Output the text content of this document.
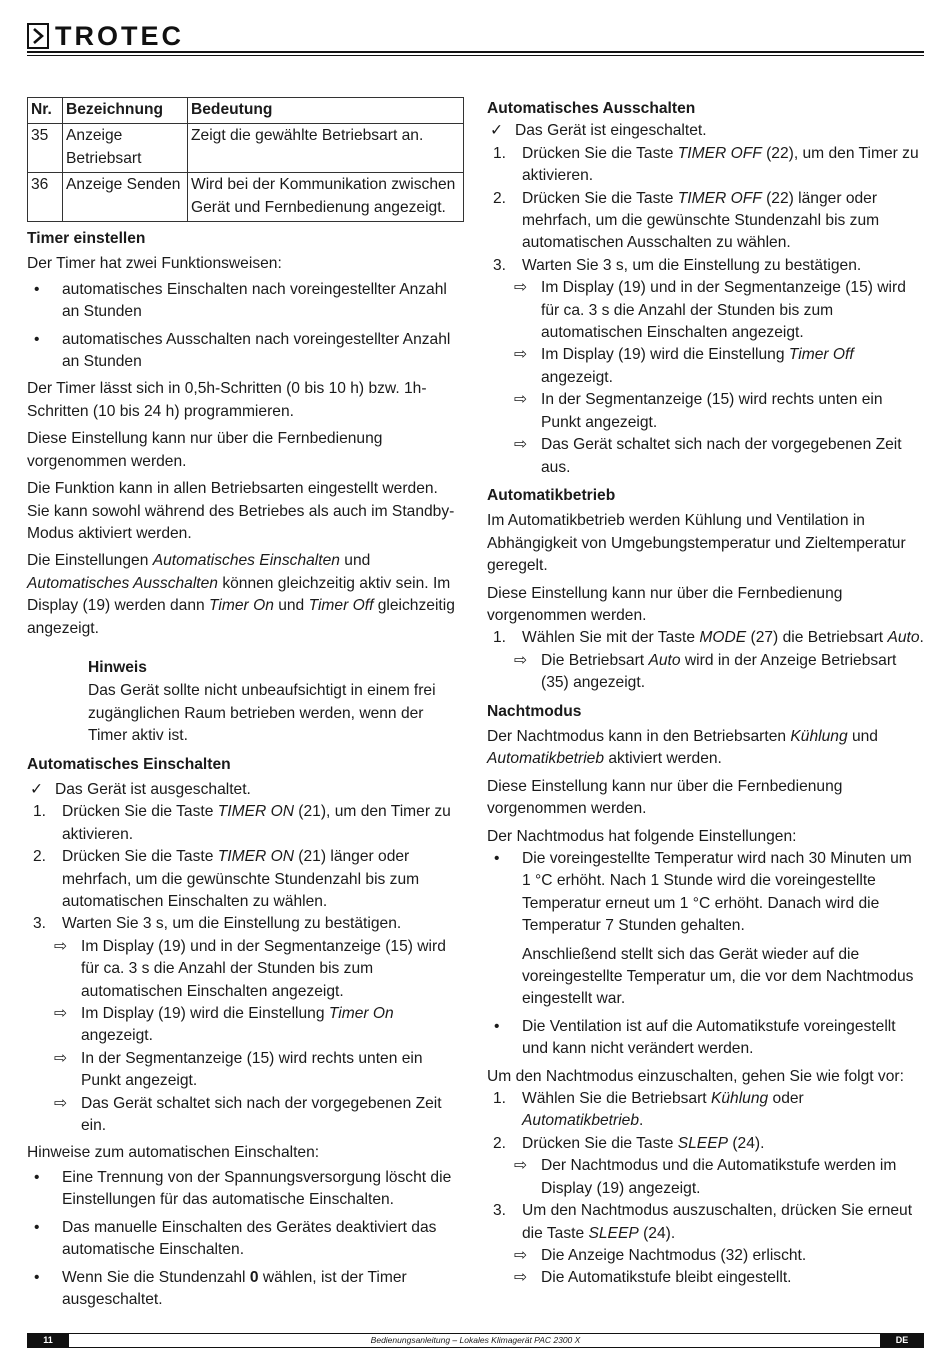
TROTEC
Nr.	Bezeichnung	Bedeutung
35	Anzeige Betriebsart	Zeigt die gewählte Betriebsart an.
36	Anzeige Senden	Wird bei der Kommunikation zwischen Gerät und Fernbedienung angezeigt.
Timer einstellen

Der Timer hat zwei Funktionsweisen:

• automatisches Einschalten nach voreingestellter Anzahl an Stunden
• automatisches Ausschalten nach voreingestellter Anzahl an Stunden

Der Timer lässt sich in 0,5h-Schritten (0 bis 10 h) bzw. 1h-Schritten (10 bis 24 h) programmieren.

Diese Einstellung kann nur über die Fernbedienung vorgenommen werden.

Die Funktion kann in allen Betriebsarten eingestellt werden. Sie kann sowohl während des Betriebes als auch im Standby-Modus aktiviert werden.

Die Einstellungen Automatisches Einschalten und Automatisches Ausschalten können gleichzeitig aktiv sein. Im Display (19) werden dann Timer On und Timer Off gleichzeitig angezeigt.

Hinweis
Das Gerät sollte nicht unbeaufsichtigt in einem frei zugänglichen Raum betrieben werden, wenn der Timer aktiv ist.
Automatisches Einschalten
✓ Das Gerät ist ausgeschaltet.
1. Drücken Sie die Taste TIMER ON (21), um den Timer zu aktivieren.
2. Drücken Sie die Taste TIMER ON (21) länger oder mehrfach, um die gewünschte Stundenzahl bis zum automatischen Einschalten zu wählen.
3. Warten Sie 3 s, um die Einstellung zu bestätigen.
⇨ Im Display (19) und in der Segmentanzeige (15) wird für ca. 3 s die Anzahl der Stunden bis zum automatischen Einschalten angezeigt.
⇨ Im Display (19) wird die Einstellung Timer On angezeigt.
⇨ In der Segmentanzeige (15) wird rechts unten ein Punkt angezeigt.
⇨ Das Gerät schaltet sich nach der vorgegebenen Zeit ein.

Hinweise zum automatischen Einschalten:

• Eine Trennung von der Spannungsversorgung löscht die Einstellungen für das automatische Einschalten.
• Das manuelle Einschalten des Gerätes deaktiviert das automatische Einschalten.
• Wenn Sie die Stundenzahl 0 wählen, ist der Timer ausgeschaltet.
Automatisches Ausschalten
✓ Das Gerät ist eingeschaltet.
1. Drücken Sie die Taste TIMER OFF (22), um den Timer zu aktivieren.
2. Drücken Sie die Taste TIMER OFF (22) länger oder mehrfach, um die gewünschte Stundenzahl bis zum automatischen Ausschalten zu wählen.
3. Warten Sie 3 s, um die Einstellung zu bestätigen.
⇨ Im Display (19) und in der Segmentanzeige (15) wird für ca. 3 s die Anzahl der Stunden bis zum automatischen Einschalten angezeigt.
⇨ Im Display (19) wird die Einstellung Timer Off angezeigt.
⇨ In der Segmentanzeige (15) wird rechts unten ein Punkt angezeigt.
⇨ Das Gerät schaltet sich nach der vorgegebenen Zeit aus.
Automatikbetrieb

Im Automatikbetrieb werden Kühlung und Ventilation in Abhängigkeit von Umgebungstemperatur und Zieltemperatur geregelt.

Diese Einstellung kann nur über die Fernbedienung vorgenommen werden.

1. Wählen Sie mit der Taste MODE (27) die Betriebsart Auto.
⇨ Die Betriebsart Auto wird in der Anzeige Betriebsart (35) angezeigt.
Nachtmodus

Der Nachtmodus kann in den Betriebsarten Kühlung und Automatikbetrieb aktiviert werden.

Diese Einstellung kann nur über die Fernbedienung vorgenommen werden.

Der Nachtmodus hat folgende Einstellungen:

• Die voreingestellte Temperatur wird nach 30 Minuten um 1 °C erhöht. Nach 1 Stunde wird die voreingestellte Temperatur erneut um 1 °C erhöht. Danach wird die Temperatur 7 Stunden gehalten.
Anschließend stellt sich das Gerät wieder auf die voreingestellte Temperatur um, die vor dem Nachtmodus eingestellt war.
• Die Ventilation ist auf die Automatikstufe voreingestellt und kann nicht verändert werden.

Um den Nachtmodus einzuschalten, gehen Sie wie folgt vor:

1. Wählen Sie die Betriebsart Kühlung oder Automatikbetrieb.
2. Drücken Sie die Taste SLEEP (24).
⇨ Der Nachtmodus und die Automatikstufe werden im Display (19) angezeigt.
3. Um den Nachtmodus auszuschalten, drücken Sie erneut die Taste SLEEP (24).
⇨ Die Anzeige Nachtmodus (32) erlischt.
⇨ Die Automatikstufe bleibt eingestellt.
Bedienungsanleitung – Lokales Klimagerät PAC 2300 X
11	DE
